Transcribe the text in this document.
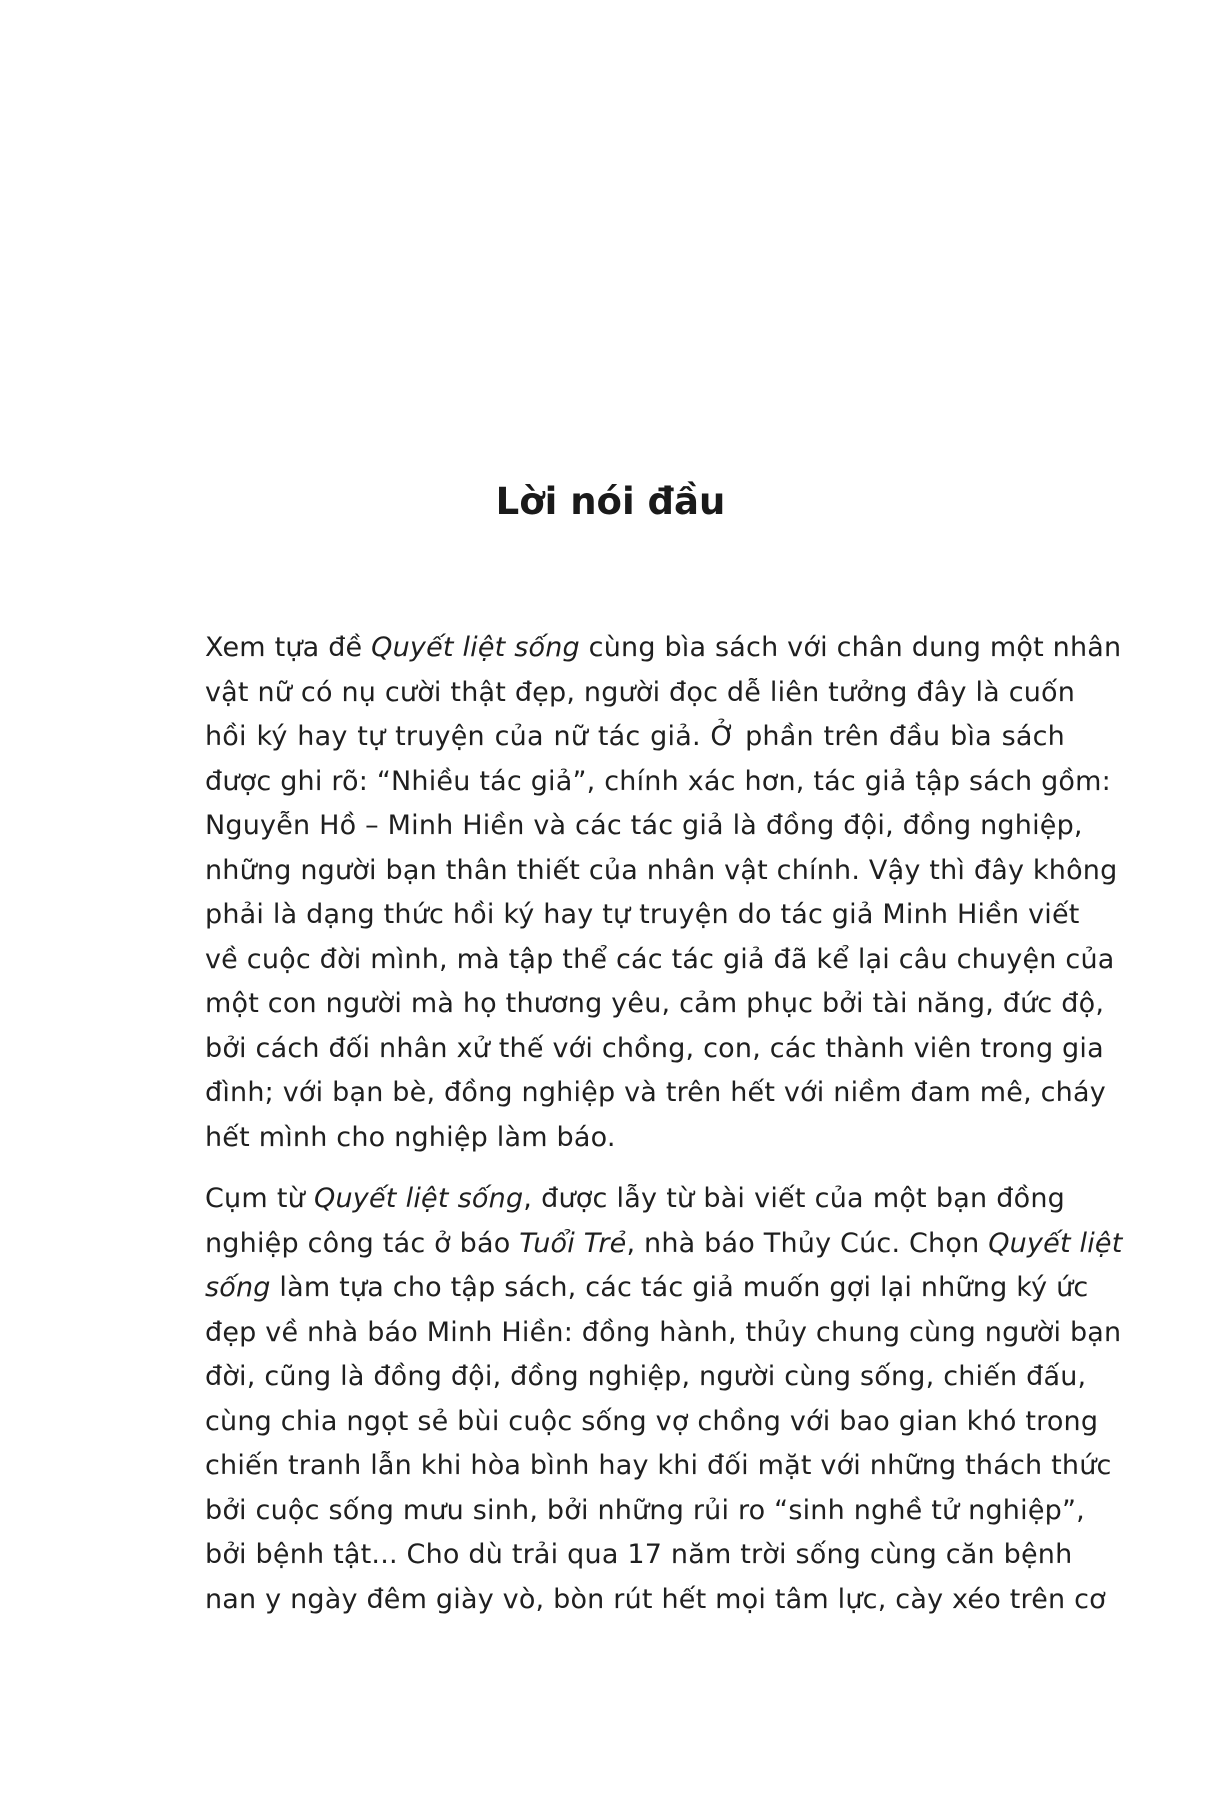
Lời nói đầu
Xem tựa đề Quyết liệt sống cùng bìa sách với chân dung một nhân
vật nữ có nụ cười thật đẹp, người đọc dễ liên tưởng đây là cuốn
hồi ký hay tự truyện của nữ tác giả. Ở phần trên đầu bìa sách
được ghi rõ: “Nhiều tác giả”, chính xác hơn, tác giả tập sách gồm:
Nguyễn Hồ – Minh Hiền và các tác giả là đồng đội, đồng nghiệp,
những người bạn thân thiết của nhân vật chính. Vậy thì đây không
phải là dạng thức hồi ký hay tự truyện do tác giả Minh Hiền viết
về cuộc đời mình, mà tập thể các tác giả đã kể lại câu chuyện của
một con người mà họ thương yêu, cảm phục bởi tài năng, đức độ,
bởi cách đối nhân xử thế với chồng, con, các thành viên trong gia
đình; với bạn bè, đồng nghiệp và trên hết với niềm đam mê, cháy
hết mình cho nghiệp làm báo.
Cụm từ Quyết liệt sống, được lẫy từ bài viết của một bạn đồng
nghiệp công tác ở báo Tuổi Trẻ, nhà báo Thủy Cúc. Chọn Quyết liệt
sống làm tựa cho tập sách, các tác giả muốn gợi lại những ký ức
đẹp về nhà báo Minh Hiền: đồng hành, thủy chung cùng người bạn
đời, cũng là đồng đội, đồng nghiệp, người cùng sống, chiến đấu,
cùng chia ngọt sẻ bùi cuộc sống vợ chồng với bao gian khó trong
chiến tranh lẫn khi hòa bình hay khi đối mặt với những thách thức
bởi cuộc sống mưu sinh, bởi những rủi ro “sinh nghề tử nghiệp”,
bởi bệnh tật... Cho dù trải qua 17 năm trời sống cùng căn bệnh
nan y ngày đêm giày vò, bòn rút hết mọi tâm lực, cày xéo trên cơ
